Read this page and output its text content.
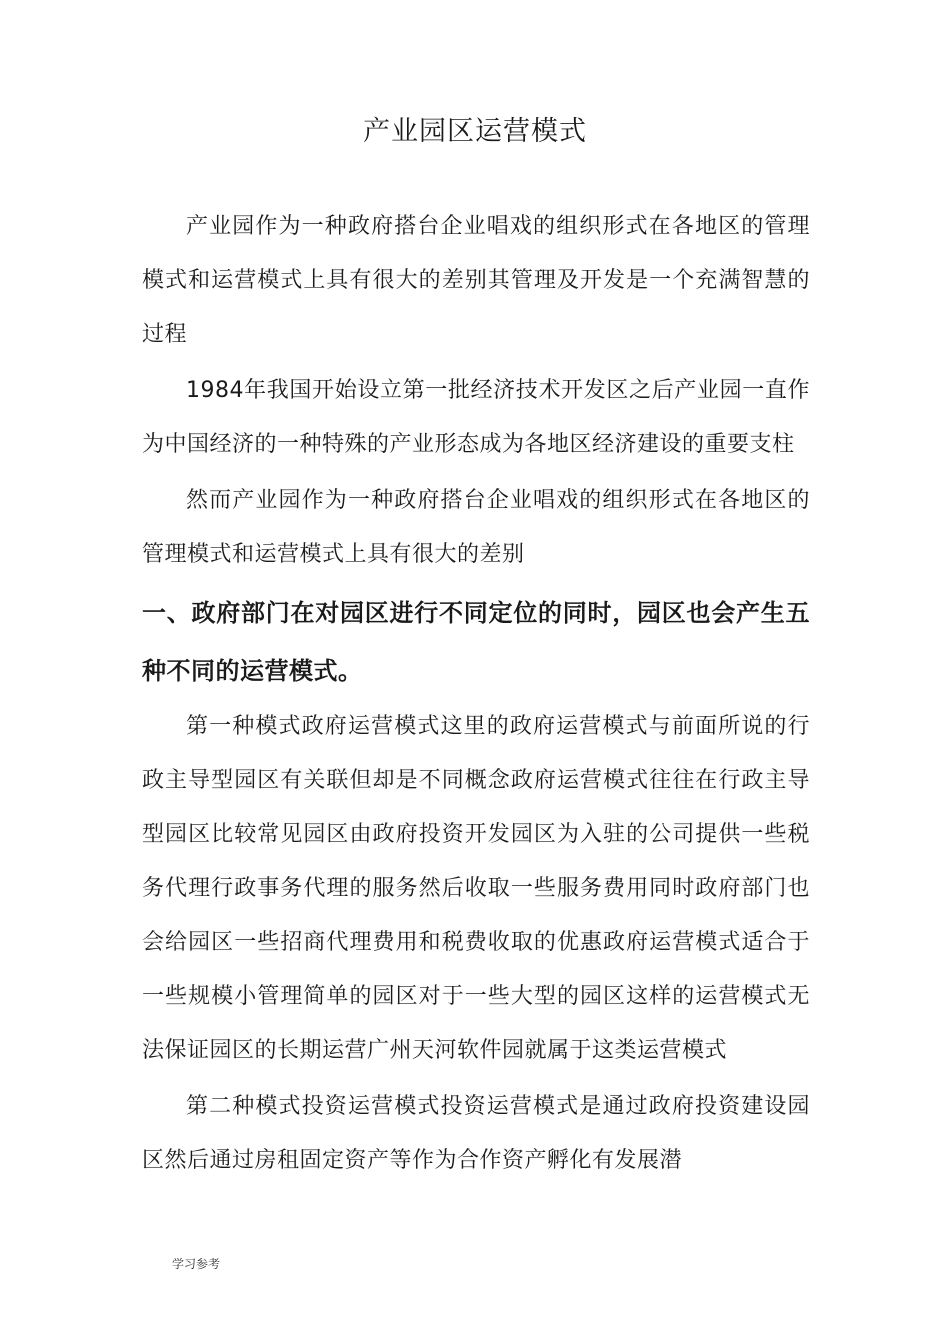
产业园区运营模式

产业园作为一种政府搭台企业唱戏的组织形式在各地区的管理模式和运营模式上具有很大的差别其管理及开发是一个充满智慧的过程

1984年我国开始设立第一批经济技术开发区之后产业园一直作为中国经济的一种特殊的产业形态成为各地区经济建设的重要支柱

然而产业园作为一种政府搭台企业唱戏的组织形式在各地区的管理模式和运营模式上具有很大的差别

一、政府部门在对园区进行不同定位的同时，园区也会产生五种不同的运营模式。

第一种模式政府运营模式这里的政府运营模式与前面所说的行政主导型园区有关联但却是不同概念政府运营模式往往在行政主导型园区比较常见园区由政府投资开发园区为入驻的公司提供一些税务代理行政事务代理的服务然后收取一些服务费用同时政府部门也会给园区一些招商代理费用和税费收取的优惠政府运营模式适合于一些规模小管理简单的园区对于一些大型的园区这样的运营模式无法保证园区的长期运营广州天河软件园就属于这类运营模式

第二种模式投资运营模式投资运营模式是通过政府投资建设园区然后通过房租固定资产等作为合作资产孵化有发展潜

学习参考
